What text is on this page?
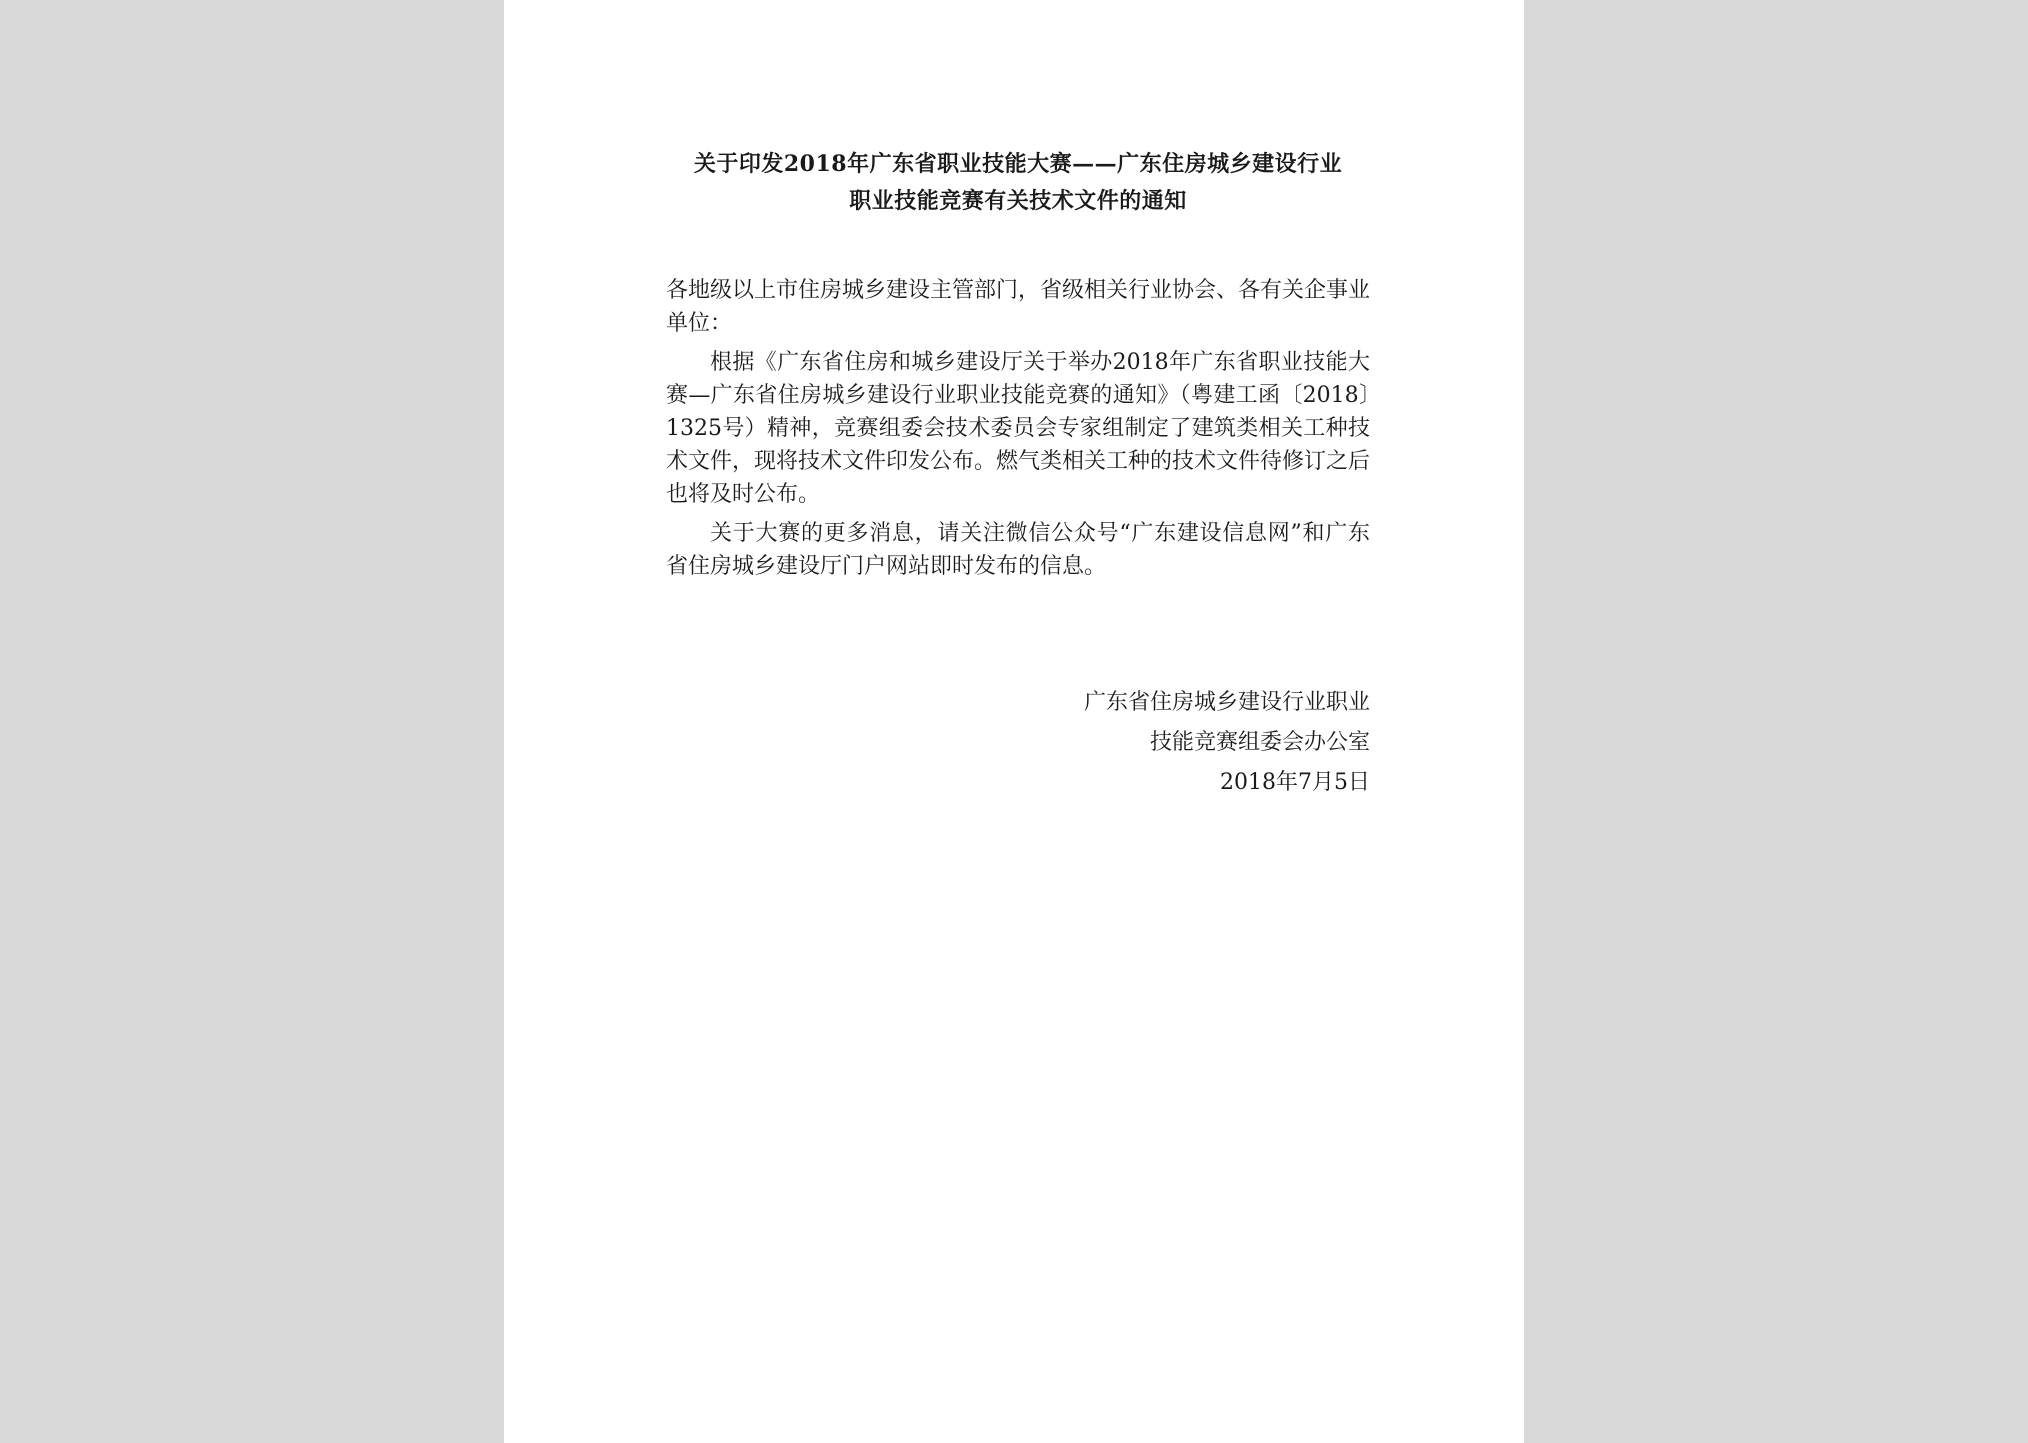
关于印发2018年广东省职业技能大赛——广东住房城乡建设行业
职业技能竞赛有关技术文件的通知

各地级以上市住房城乡建设主管部门，省级相关行业协会、各有关企事业单位：

根据《广东省住房和城乡建设厅关于举办2018年广东省职业技能大赛—广东省住房城乡建设行业职业技能竞赛的通知》（粤建工函〔2018〕1325号）精神，竞赛组委会技术委员会专家组制定了建筑类相关工种技术文件，现将技术文件印发公布。燃气类相关工种的技术文件待修订之后也将及时公布。

关于大赛的更多消息，请关注微信公众号“广东建设信息网”和广东省住房城乡建设厅门户网站即时发布的信息。

广东省住房城乡建设行业职业
技能竞赛组委会办公室
2018年7月5日
